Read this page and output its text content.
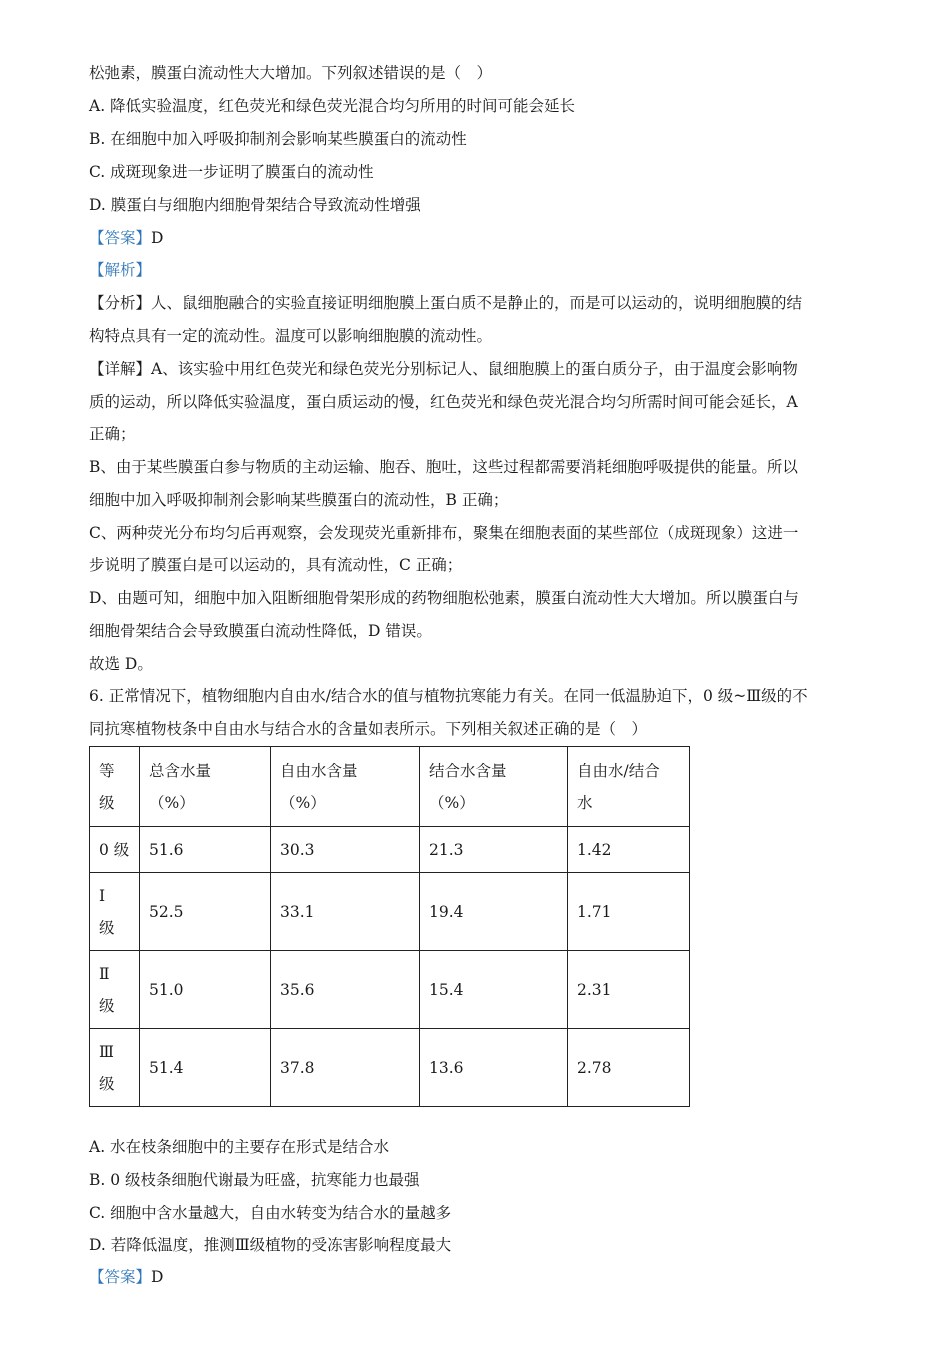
松弛素，膜蛋白流动性大大增加。下列叙述错误的是（　）
A. 降低实验温度，红色荧光和绿色荧光混合均匀所用的时间可能会延长
B. 在细胞中加入呼吸抑制剂会影响某些膜蛋白的流动性
C. 成斑现象进一步证明了膜蛋白的流动性
D. 膜蛋白与细胞内细胞骨架结合导致流动性增强
【答案】D
【解析】
【分析】人、鼠细胞融合的实验直接证明细胞膜上蛋白质不是静止的，而是可以运动的，说明细胞膜的结
构特点具有一定的流动性。温度可以影响细胞膜的流动性。
【详解】A、该实验中用红色荧光和绿色荧光分别标记人、鼠细胞膜上的蛋白质分子，由于温度会影响物
质的运动，所以降低实验温度，蛋白质运动的慢，红色荧光和绿色荧光混合均匀所需时间可能会延长，A
正确；
B、由于某些膜蛋白参与物质的主动运输、胞吞、胞吐，这些过程都需要消耗细胞呼吸提供的能量。所以
细胞中加入呼吸抑制剂会影响某些膜蛋白的流动性，B 正确；
C、两种荧光分布均匀后再观察，会发现荧光重新排布，聚集在细胞表面的某些部位（成斑现象）这进一
步说明了膜蛋白是可以运动的，具有流动性，C 正确；
D、由题可知，细胞中加入阻断细胞骨架形成的药物细胞松弛素，膜蛋白流动性大大增加。所以膜蛋白与
细胞骨架结合会导致膜蛋白流动性降低，D 错误。
故选 D。
6. 正常情况下，植物细胞内自由水/结合水的值与植物抗寒能力有关。在同一低温胁迫下，0 级~Ⅲ级的不
同抗寒植物枝条中自由水与结合水的含量如表所示。下列相关叙述正确的是（　）
等
级	总含水量
（%）	自由水含量
（%）	结合水含量
（%）	自由水/结合
水
0 级	51.6	30.3	21.3	1.42
Ⅰ
级	52.5	33.1	19.4	1.71
Ⅱ
级	51.0	35.6	15.4	2.31
Ⅲ
级	51.4	37.8	13.6	2.78
A. 水在枝条细胞中的主要存在形式是结合水
B. 0 级枝条细胞代谢最为旺盛，抗寒能力也最强
C. 细胞中含水量越大，自由水转变为结合水的量越多
D. 若降低温度，推测Ⅲ级植物的受冻害影响程度最大
【答案】D
